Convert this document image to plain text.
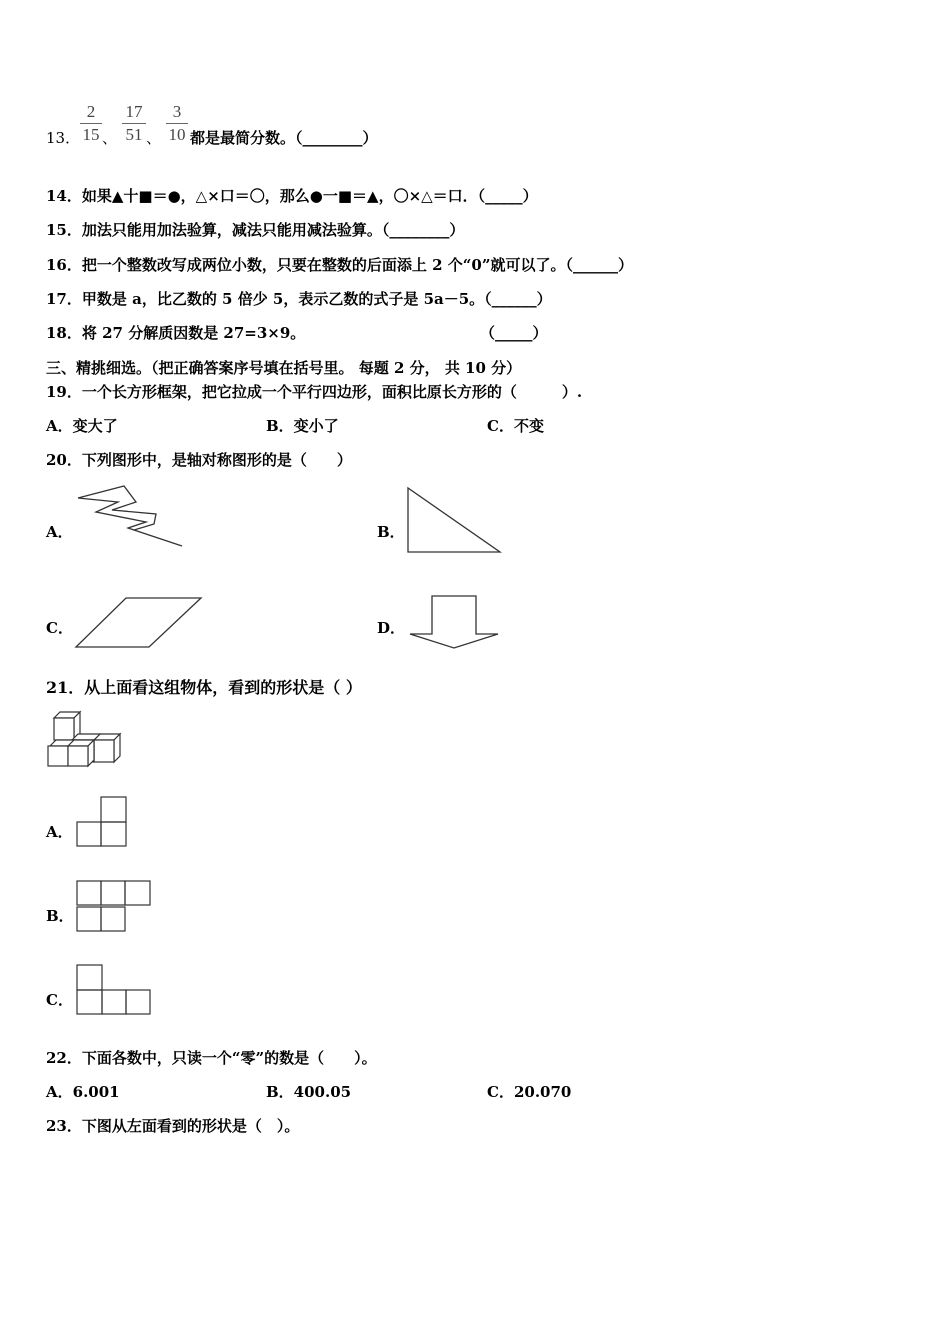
13．
2
15 、
17
51 、
3
10 都是最简分数。（________）
14．如果▲十■＝●，△×口＝〇，那么●一■＝▲，〇×△＝口．（_____）
15．加法只能用加法验算，减法只能用减法验算。（________）
16．把一个整数改写成两位小数，只要在整数的后面添上 2 个“0”就可以了。（______）
17．甲数是 a，比乙数的 5 倍少 5，表示乙数的式子是 5a－5。（______）
18．将 27 分解质因数是 27=3×9。	（_____）
三、精挑细选。（把正确答案序号填在括号里。 每题 2 分， 共 10 分）
19．一个长方形框架，把它拉成一个平行四边形，面积比原长方形的（　　　）.
A．变大了	B．变小了	C．不变
20．下列图形中，是轴对称图形的是（　　）
A．	B．
C．	D．
21．从上面看这组物体，看到的形状是（ ）
A．
B．
C．
22．下面各数中，只读一个“零”的数是（　　）。
A．6.001	B．400.05	C．20.070
23．下图从左面看到的形状是（　）。
